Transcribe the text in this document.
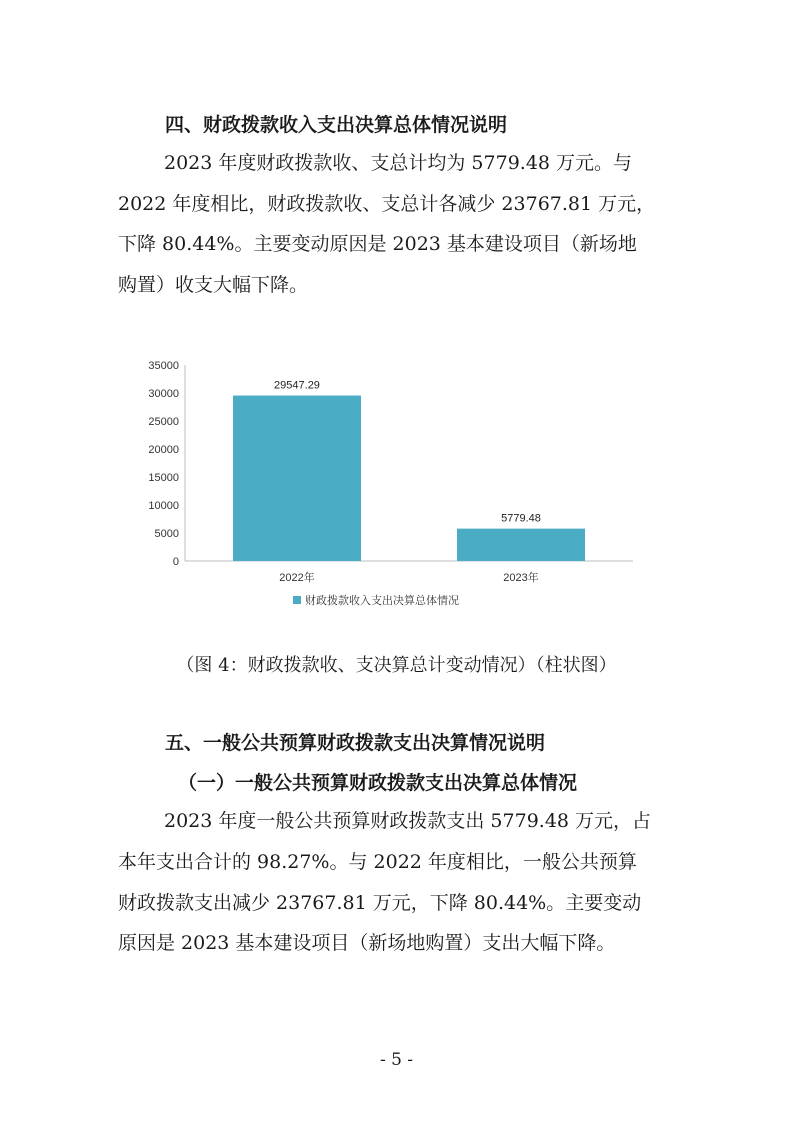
四、财政拨款收入支出决算总体情况说明
2023 年度财政拨款收、支总计均为 5779.48 万元。与
2022 年度相比，财政拨款收、支总计各减少 23767.81 万元，
下降 80.44%。主要变动原因是 2023 基本建设项目（新场地
购置）收支大幅下降。
0
5000
10000
15000
20000
25000
30000
35000
29547.29
2022年
5779.48
2023年
财政拨款收入支出决算总体情况
（图 4：财政拨款收、支决算总计变动情况）（柱状图）
五、一般公共预算财政拨款支出决算情况说明
（一）一般公共预算财政拨款支出决算总体情况
2023 年度一般公共预算财政拨款支出 5779.48 万元，占
本年支出合计的 98.27%。与 2022 年度相比，一般公共预算
财政拨款支出减少 23767.81 万元，下降 80.44%。主要变动
原因是 2023 基本建设项目（新场地购置）支出大幅下降。
- 5 -
